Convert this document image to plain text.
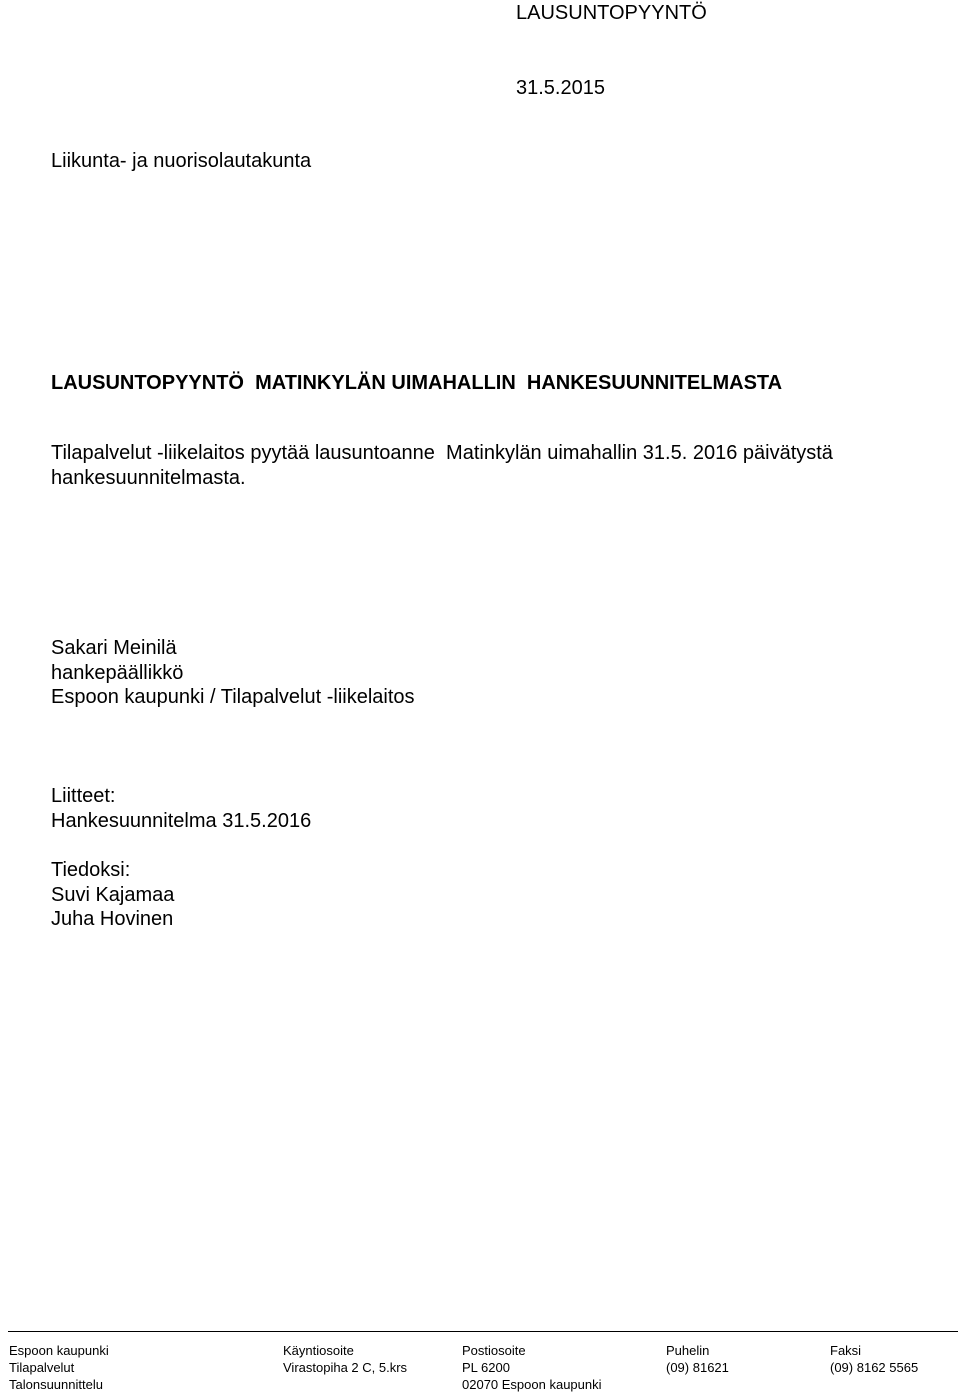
LAUSUNTOPYYNTÖ
31.5.2015
Liikunta- ja nuorisolautakunta
LAUSUNTOPYYNTÖ  MATINKYLÄN UIMAHALLIN  HANKESUUNNITELMASTA
Tilapalvelut -liikelaitos pyytää lausuntoanne  Matinkylän uimahallin 31.5. 2016 päivätystä
hankesuunnitelmasta.
Sakari Meinilä
hankepäällikkö
Espoon kaupunki / Tilapalvelut -liikelaitos
Liitteet:
Hankesuunnitelma 31.5.2016
Tiedoksi:
Suvi Kajamaa
Juha Hovinen
Espoon kaupunki
Tilapalvelut
Talonsuunnittelu
Käyntiosoite
Virastopiha 2 C, 5.krs
Postiosoite
PL 6200
02070 Espoon kaupunki
Puhelin
(09) 81621
Faksi
(09) 8162 5565
